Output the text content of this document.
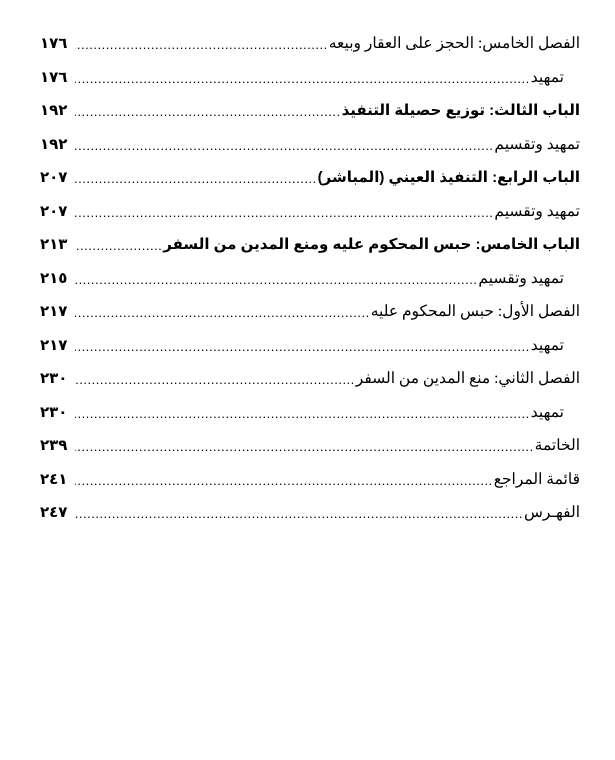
الفصل الخامس: الحجز على العقار وبيعه
.....
١٧٦
تمهيد
.....
١٧٦
الباب الثالث: توزيع حصيلة التنفيذ
.....
١٩٢
تمهيد وتقسيم
.....
١٩٢
الباب الرابع: التنفيذ العيني (المباشر)
.....
٢٠٧
تمهيد وتقسيم
.....
٢٠٧
الباب الخامس: حبس المحكوم عليه ومنع المدين من السفر
.....
٢١٣
تمهيد وتقسيم
.....
٢١٥
الفصل الأول: حبس المحكوم عليه
.....
٢١٧
تمهيد
.....
٢١٧
الفصل الثاني: منع المدين من السفر
.....
٢٣٠
تمهيد
.....
٢٣٠
الخاتمة
.....
٢٣٩
قائمة المراجع
.....
٢٤١
الفهـرس
.....
٢٤٧
